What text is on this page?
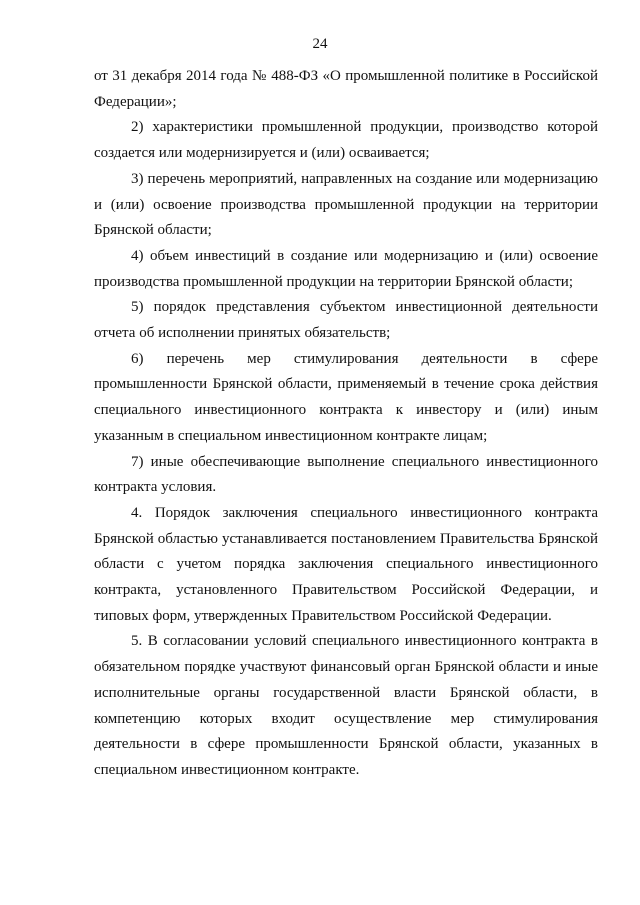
24

от 31 декабря 2014 года № 488-ФЗ «О промышленной политике в Российской Федерации»;

2) характеристики промышленной продукции, производство которой создается или модернизируется и (или) осваивается;

3) перечень мероприятий, направленных на создание или модернизацию и (или) освоение производства промышленной продукции на территории Брянской области;

4) объем инвестиций в создание или модернизацию и (или) освоение производства промышленной продукции на территории Брянской области;

5) порядок представления субъектом инвестиционной деятельности отчета об исполнении принятых обязательств;

6) перечень мер стимулирования деятельности в сфере промышленности Брянской области, применяемый в течение срока действия специального инвестиционного контракта к инвестору и (или) иным указанным в специальном инвестиционном контракте лицам;

7) иные обеспечивающие выполнение специального инвестиционного контракта условия.

4. Порядок заключения специального инвестиционного контракта Брянской областью устанавливается постановлением Правительства Брянской области с учетом порядка заключения специального инвестиционного контракта, установленного Правительством Российской Федерации, и типовых форм, утвержденных Правительством Российской Федерации.

5. В согласовании условий специального инвестиционного контракта в обязательном порядке участвуют финансовый орган Брянской области и иные исполнительные органы государственной власти Брянской области, в компетенцию которых входит осуществление мер стимулирования деятельности в сфере промышленности Брянской области, указанных в специальном инвестиционном контракте.
